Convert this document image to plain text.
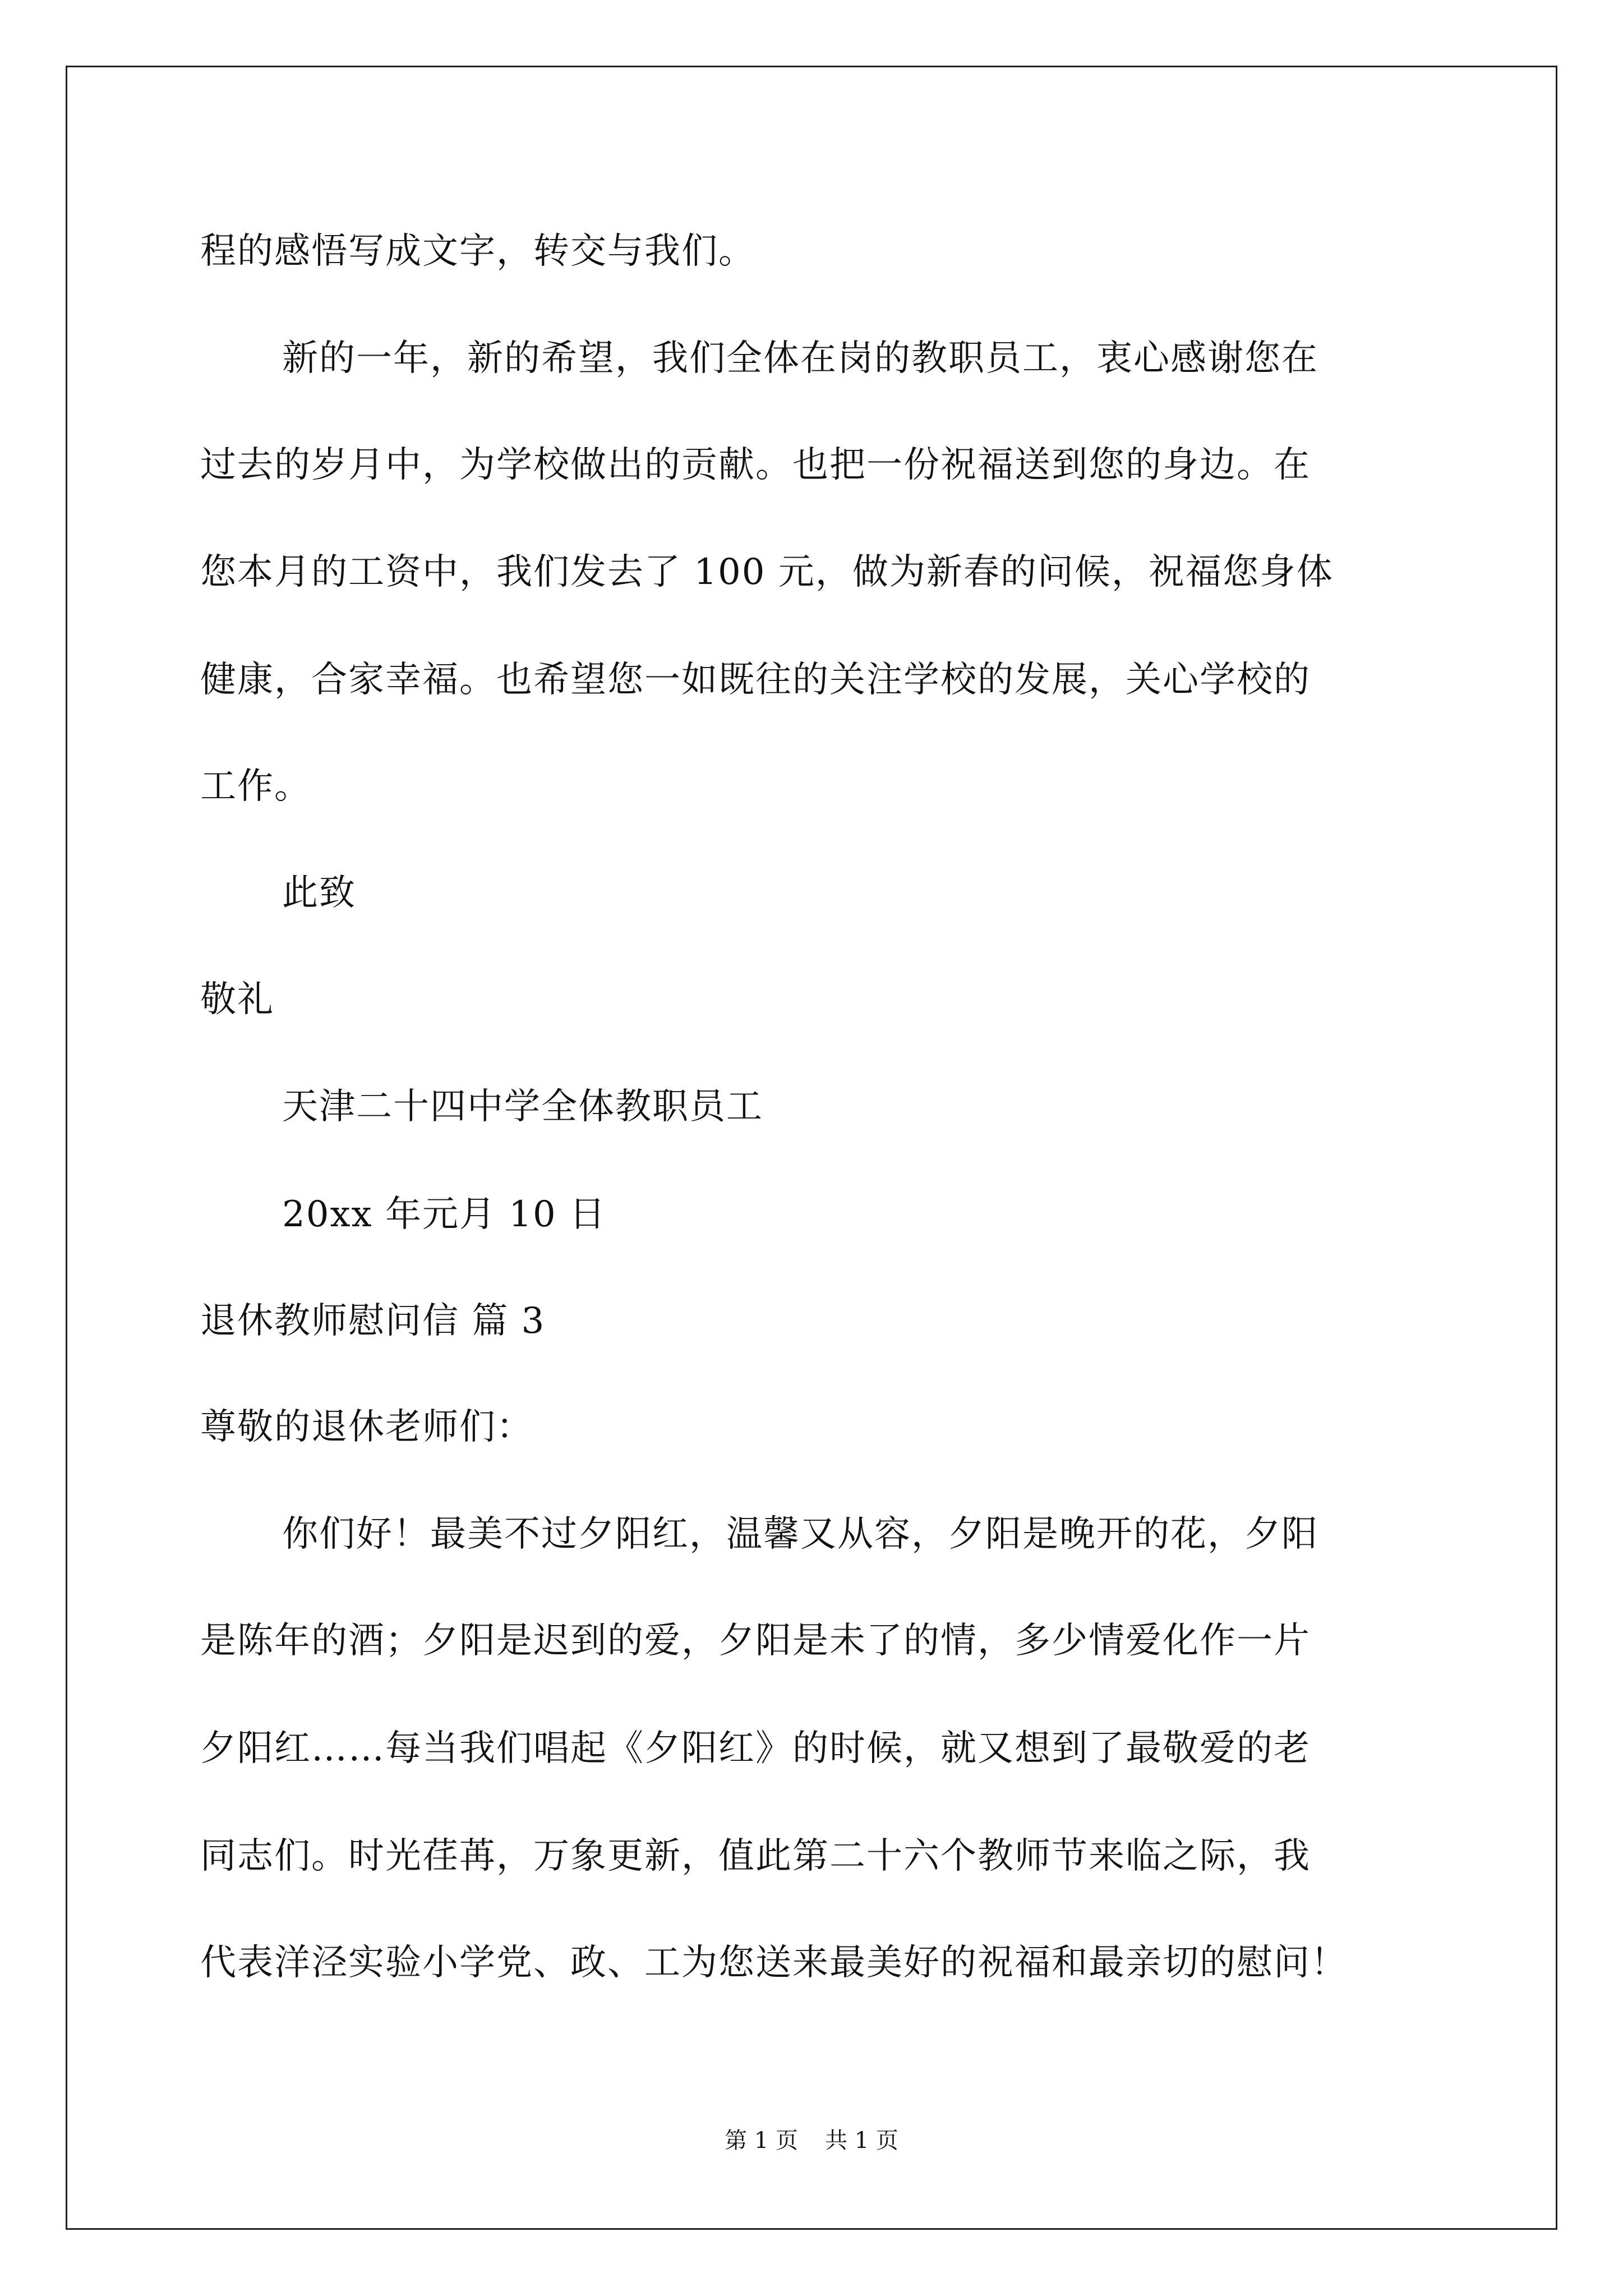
程的感悟写成文字，转交与我们。
新的一年，新的希望，我们全体在岗的教职员工，衷心感谢您在
过去的岁月中，为学校做出的贡献。也把一份祝福送到您的身边。在
您本月的工资中，我们发去了 100 元，做为新春的问候，祝福您身体
健康，合家幸福。也希望您一如既往的关注学校的发展，关心学校的
工作。
此致
敬礼
天津二十四中学全体教职员工
20xx 年元月 10 日
退休教师慰问信 篇 3
尊敬的退休老师们：
你们好！最美不过夕阳红，温馨又从容，夕阳是晚开的花，夕阳
是陈年的酒；夕阳是迟到的爱，夕阳是未了的情，多少情爱化作一片
夕阳红……每当我们唱起《夕阳红》的时候，就又想到了最敬爱的老
同志们。时光荏苒，万象更新，值此第二十六个教师节来临之际，我
代表洋泾实验小学党、政、工为您送来最美好的祝福和最亲切的慰问！
第 1 页 共 1 页
